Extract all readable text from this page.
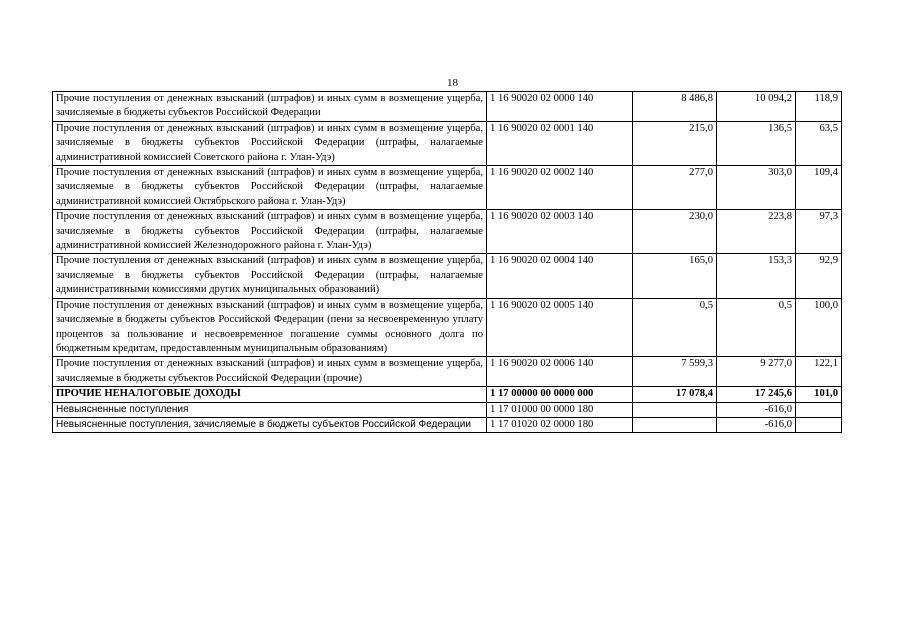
18
Прочие поступления от денежных взысканий (штрафов) и иных сумм в возмещение ущерба, зачисляемые в бюджеты субъектов Российской Федерации	1 16 90020 02 0000 140	8 486,8	10 094,2	118,9
Прочие поступления от денежных взысканий (штрафов) и иных сумм в возмещение ущерба, зачисляемые в бюджеты субъектов Российской Федерации (штрафы, налагаемые административной комиссией Советского района г. Улан-Удэ)	1 16 90020 02 0001 140	215,0	136,5	63,5
Прочие поступления от денежных взысканий (штрафов) и иных сумм в возмещение ущерба, зачисляемые в бюджеты субъектов Российской Федерации (штрафы, налагаемые административной комиссией Октябрьского района г. Улан-Удэ)	1 16 90020 02 0002 140	277,0	303,0	109,4
Прочие поступления от денежных взысканий (штрафов) и иных сумм в возмещение ущерба, зачисляемые в бюджеты субъектов Российской Федерации (штрафы, налагаемые административной комиссией Железнодорожного района г. Улан-Удэ)	1 16 90020 02 0003 140	230,0	223,8	97,3
Прочие поступления от денежных взысканий (штрафов) и иных сумм в возмещение ущерба, зачисляемые в бюджеты субъектов Российской Федерации (штрафы, налагаемые административными комиссиями других муниципальных образований)	1 16 90020 02 0004 140	165,0	153,3	92,9
Прочие поступления от денежных взысканий (штрафов) и иных сумм в возмещение ущерба, зачисляемые в бюджеты субъектов Российской Федерации (пени за несвоевременную уплату процентов за пользование и несвоевременное погашение суммы основного долга по бюджетным кредитам, предоставленным муниципальным образованиям)	1 16 90020 02 0005 140	0,5	0,5	100,0
Прочие поступления от денежных взысканий (штрафов) и иных сумм в возмещение ущерба, зачисляемые в бюджеты субъектов Российской Федерации (прочие)	1 16 90020 02 0006 140	7 599,3	9 277,0	122,1
ПРОЧИЕ НЕНАЛОГОВЫЕ ДОХОДЫ	1 17 00000 00 0000 000	17 078,4	17 245,6	101,0
Невыясненные поступления	1 17 01000 00 0000 180		-616,0	
Невыясненные поступления, зачисляемые в бюджеты субъектов Российской Федерации	1 17 01020 02 0000 180		-616,0	
